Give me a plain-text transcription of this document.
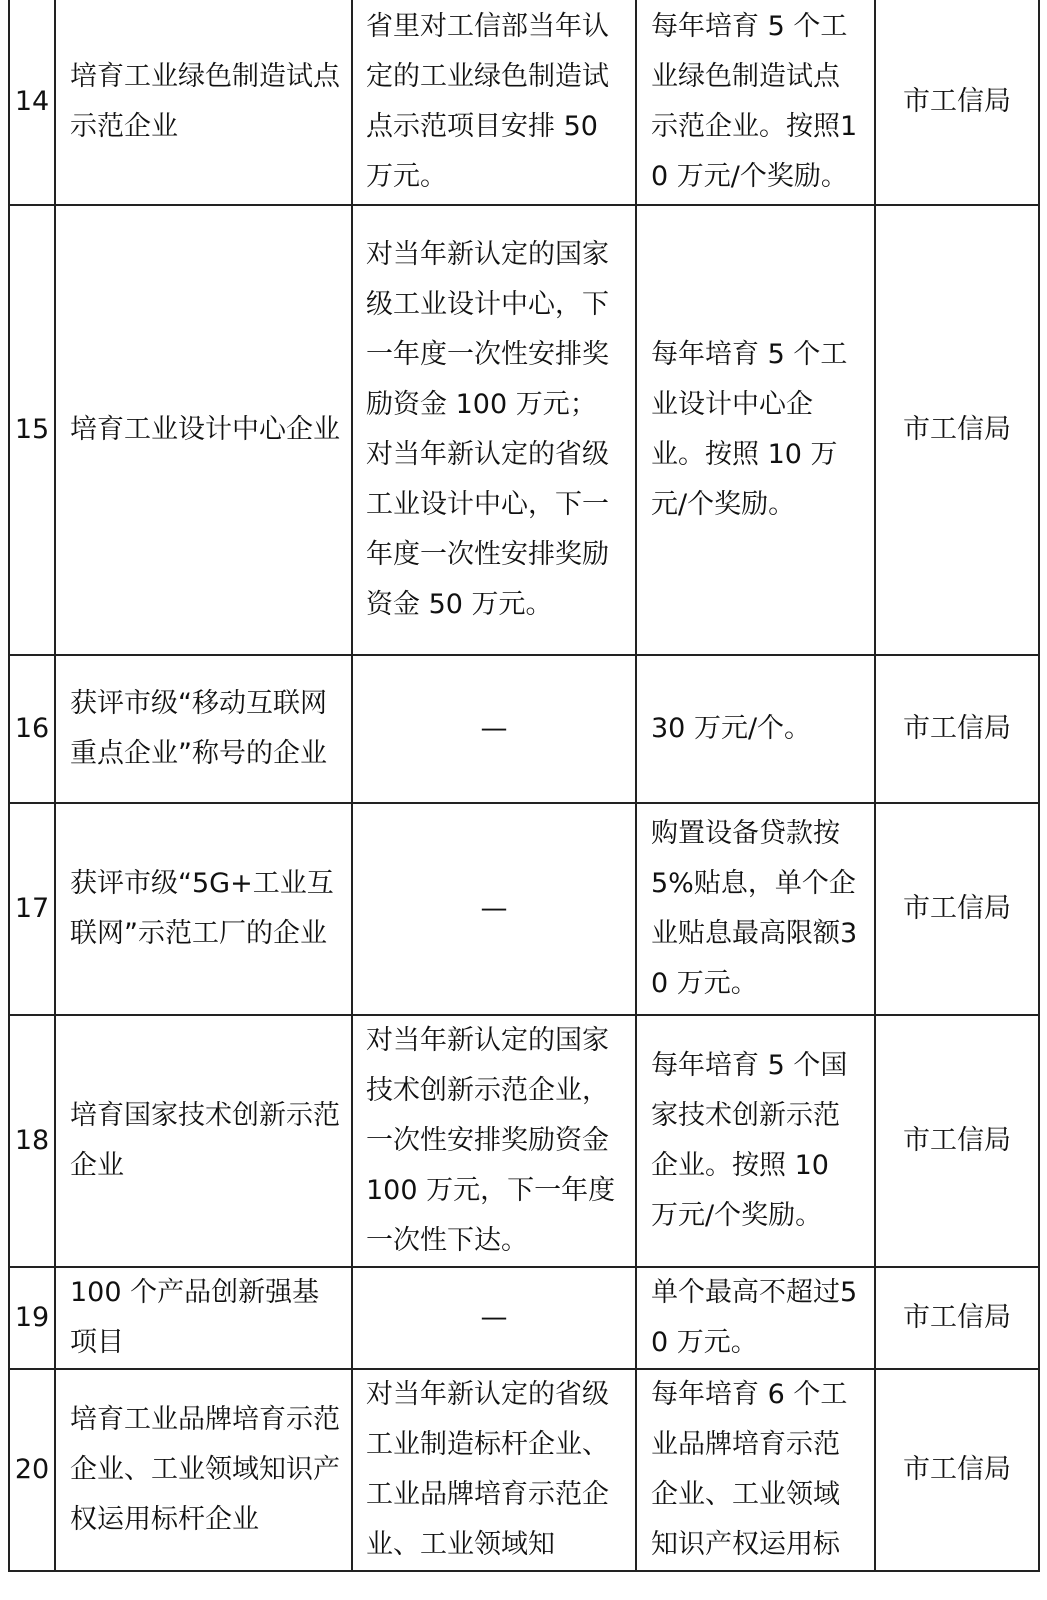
14	培育工业绿色制造试点示范企业	省里对工信部当年认定的工业绿色制造试点示范项目安排 50 万元。	每年培育 5 个工业绿色制造试点示范企业。按照10 万元/个奖励。	市工信局
15	培育工业设计中心企业	对当年新认定的国家级工业设计中心，下一年度一次性安排奖励资金 100 万元；对当年新认定的省级工业设计中心，下一年度一次性安排奖励资金 50 万元。	每年培育 5 个工业设计中心企业。按照 10 万元/个奖励。	市工信局
16	获评市级“移动互联网重点企业”称号的企业	—	30 万元/个。	市工信局
17	获评市级“5G+工业互联网”示范工厂的企业	—	购置设备贷款按5%贴息，单个企业贴息最高限额30 万元。	市工信局
18	培育国家技术创新示范企业	对当年新认定的国家技术创新示范企业，一次性安排奖励资金 100 万元，下一年度一次性下达。	每年培育 5 个国家技术创新示范企业。按照 10 万元/个奖励。	市工信局
19	100 个产品创新强基项目	—	单个最高不超过50 万元。	市工信局
20	培育工业品牌培育示范企业、工业领域知识产权运用标杆企业	对当年新认定的省级工业制造标杆企业、工业品牌培育示范企业、工业领域知	每年培育 6 个工业品牌培育示范企业、工业领域知识产权运用标	市工信局
